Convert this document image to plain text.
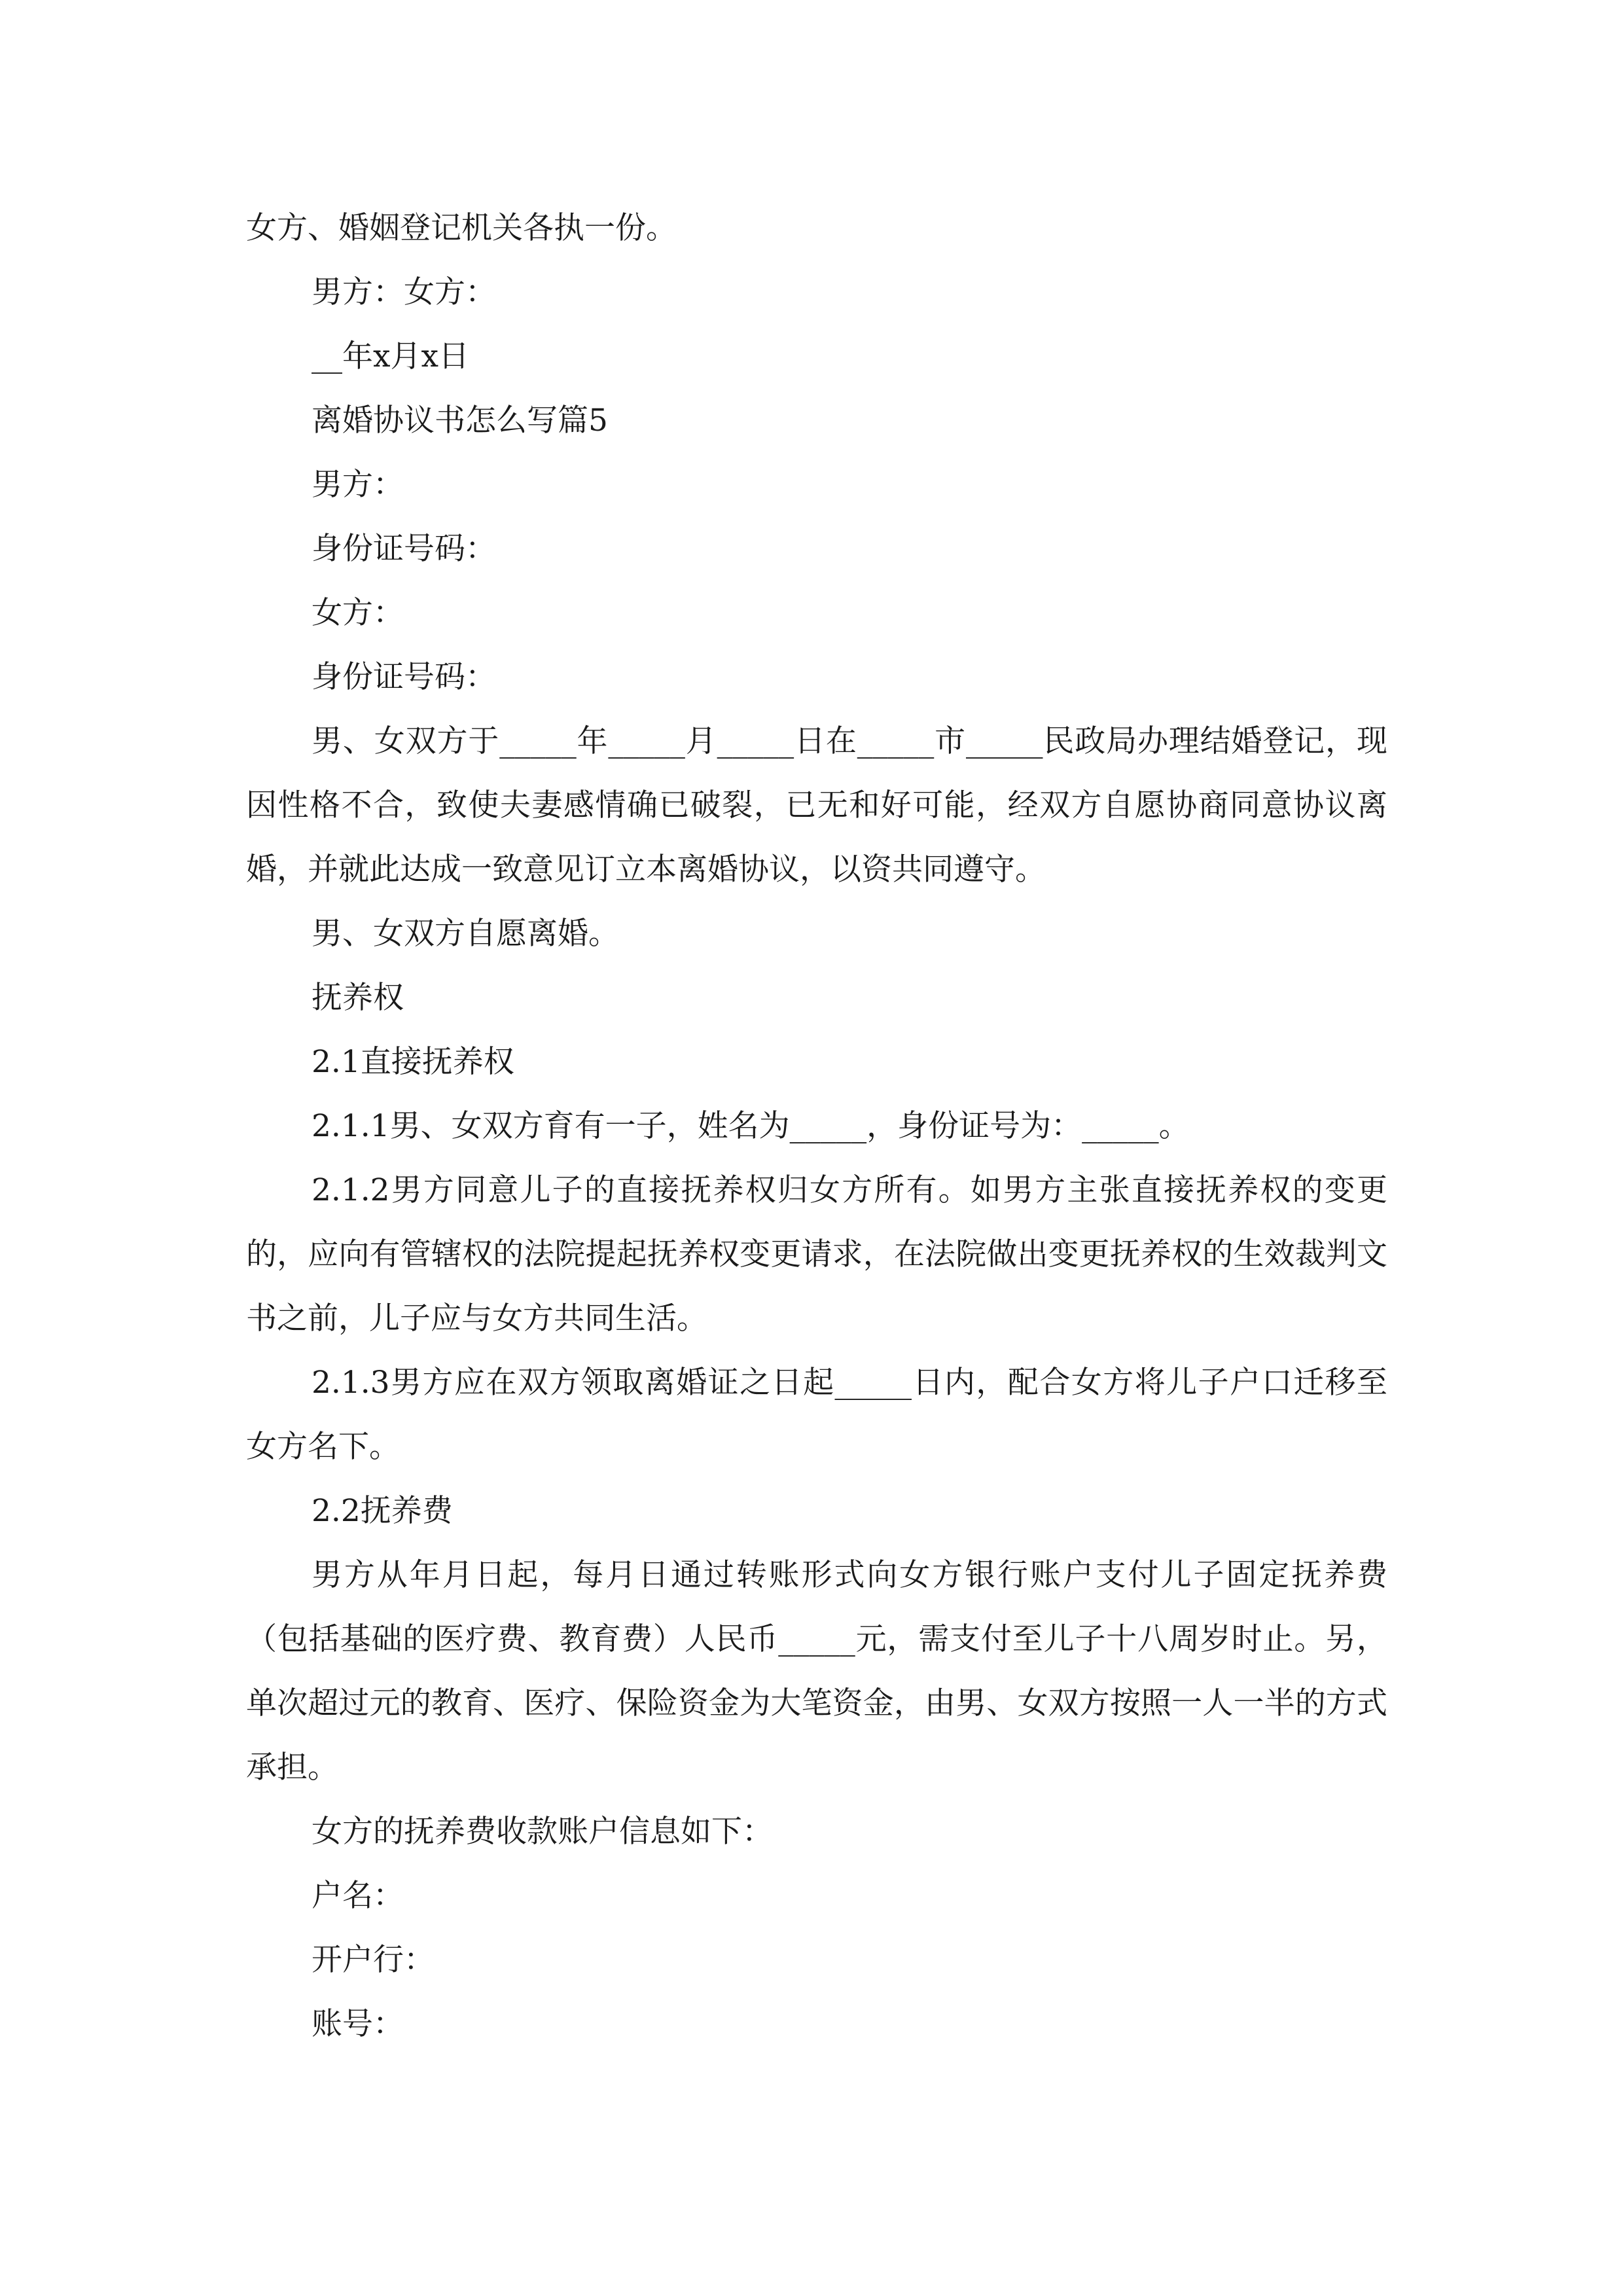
女方、婚姻登记机关各执一份。

男方：女方：

__年x月x日

离婚协议书怎么写篇5

男方：

身份证号码：

女方：

身份证号码：

男、女双方于_____年_____月_____日在_____市_____民政局办理结婚登记，现因性格不合，致使夫妻感情确已破裂，已无和好可能，经双方自愿协商同意协议离婚，并就此达成一致意见订立本离婚协议，以资共同遵守。

男、女双方自愿离婚。

抚养权

2.1直接抚养权

2.1.1男、女双方育有一子，姓名为_____，身份证号为：_____。

2.1.2男方同意儿子的直接抚养权归女方所有。如男方主张直接抚养权的变更的，应向有管辖权的法院提起抚养权变更请求，在法院做出变更抚养权的生效裁判文书之前，儿子应与女方共同生活。

2.1.3男方应在双方领取离婚证之日起_____日内，配合女方将儿子户口迁移至女方名下。

2.2抚养费

男方从年月日起，每月日通过转账形式向女方银行账户支付儿子固定抚养费（包括基础的医疗费、教育费）人民币_____元，需支付至儿子十八周岁时止。另，单次超过元的教育、医疗、保险资金为大笔资金，由男、女双方按照一人一半的方式承担。

女方的抚养费收款账户信息如下：

户名：

开户行：

账号：
